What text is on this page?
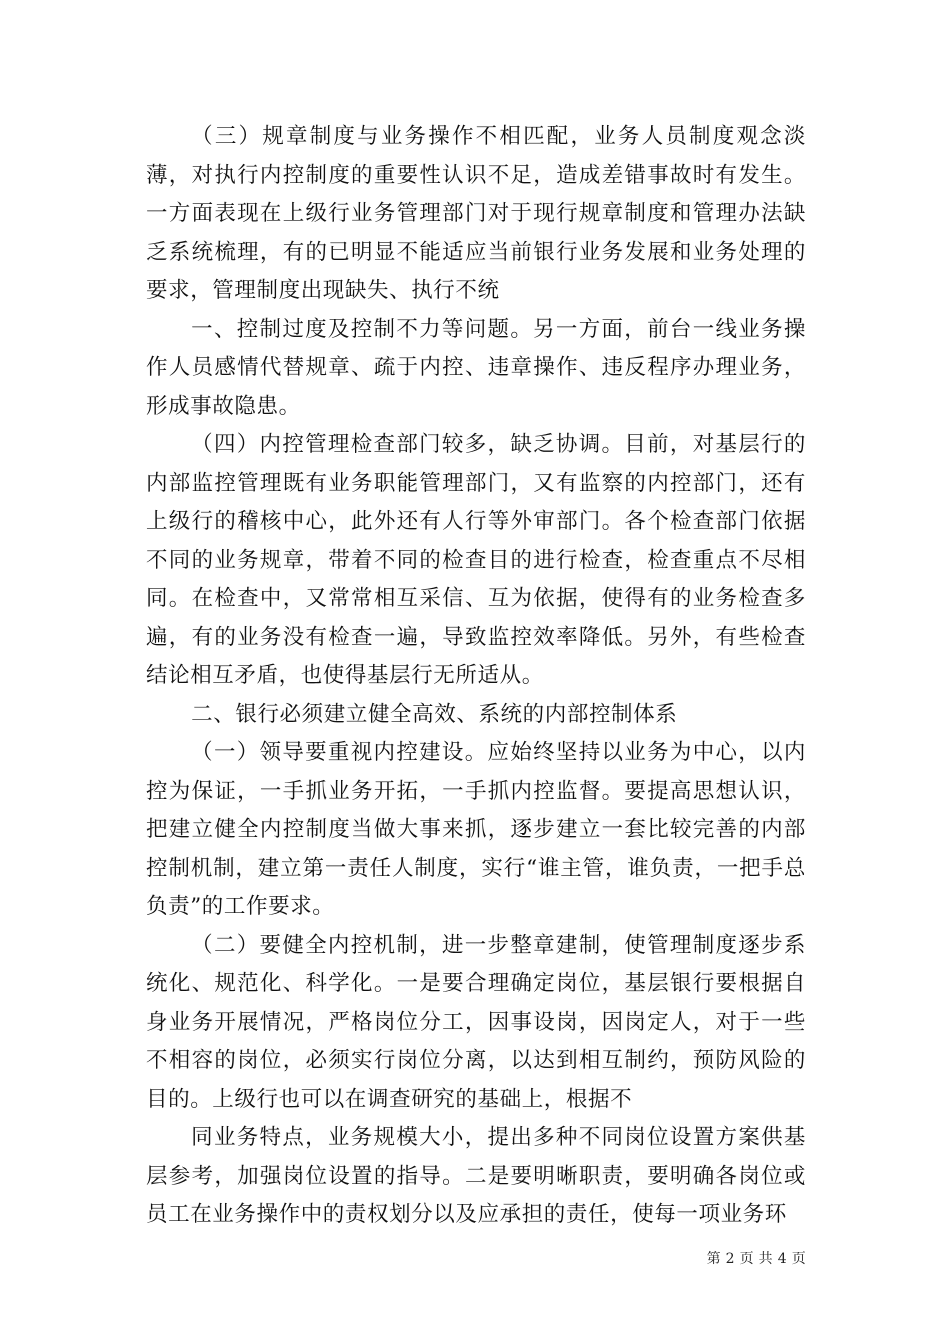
（三）规章制度与业务操作不相匹配，业务人员制度观念淡薄，对执行内控制度的重要性认识不足，造成差错事故时有发生。一方面表现在上级行业务管理部门对于现行规章制度和管理办法缺乏系统梳理，有的已明显不能适应当前银行业务发展和业务处理的要求，管理制度出现缺失、执行不统

一、控制过度及控制不力等问题。另一方面，前台一线业务操作人员感情代替规章、疏于内控、违章操作、违反程序办理业务，形成事故隐患。

（四）内控管理检查部门较多，缺乏协调。目前，对基层行的内部监控管理既有业务职能管理部门，又有监察的内控部门，还有上级行的稽核中心，此外还有人行等外审部门。各个检查部门依据不同的业务规章，带着不同的检查目的进行检查，检查重点不尽相同。在检查中，又常常相互采信、互为依据，使得有的业务检查多遍，有的业务没有检查一遍，导致监控效率降低。另外，有些检查结论相互矛盾，也使得基层行无所适从。

二、银行必须建立健全高效、系统的内部控制体系

（一）领导要重视内控建设。应始终坚持以业务为中心，以内控为保证，一手抓业务开拓，一手抓内控监督。要提高思想认识，把建立健全内控制度当做大事来抓，逐步建立一套比较完善的内部控制机制，建立第一责任人制度，实行“谁主管，谁负责，一把手总负责”的工作要求。

（二）要健全内控机制，进一步整章建制，使管理制度逐步系统化、规范化、科学化。一是要合理确定岗位，基层银行要根据自身业务开展情况，严格岗位分工，因事设岗，因岗定人，对于一些不相容的岗位，必须实行岗位分离，以达到相互制约，预防风险的目的。上级行也可以在调查研究的基础上，根据不

同业务特点，业务规模大小，提出多种不同岗位设置方案供基层参考，加强岗位设置的指导。二是要明晰职责，要明确各岗位或员工在业务操作中的责权划分以及应承担的责任，使每一项业务环

第 2 页 共 4 页
